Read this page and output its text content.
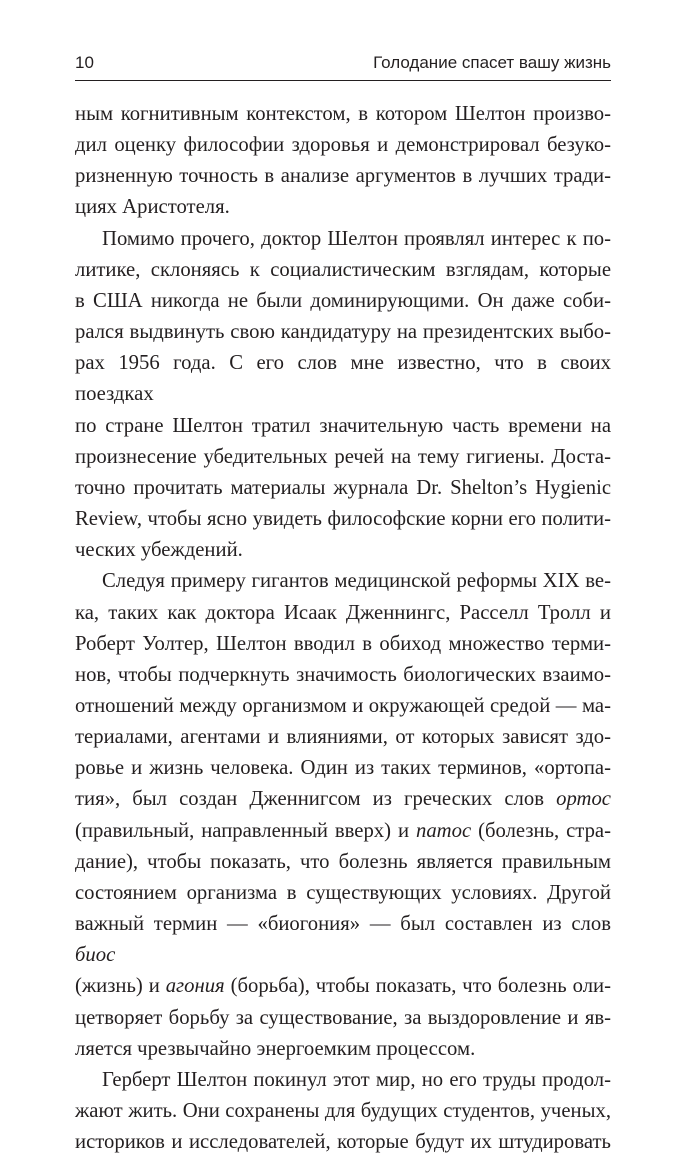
10	Голодание спасет вашу жизнь

ным когнитивным контекстом, в котором Шелтон произво-
дил оценку философии здоровья и демонстрировал безуко-
ризненную точность в анализе аргументов в лучших тради-
циях Аристотеля.

Помимо прочего, доктор Шелтон проявлял интерес к по-
литике, склоняясь к социалистическим взглядам, которые
в США никогда не были доминирующими. Он даже соби-
рался выдвинуть свою кандидатуру на президентских выбо-
рах 1956 года. С его слов мне известно, что в своих поездках
по стране Шелтон тратил значительную часть времени на
произнесение убедительных речей на тему гигиены. Доста-
точно прочитать материалы журнала Dr. Shelton’s Hygienic
Review, чтобы ясно увидеть философские корни его полити-
ческих убеждений.

Следуя примеру гигантов медицинской реформы XIX ве-
ка, таких как доктора Исаак Дженнингс, Расселл Тролл и
Роберт Уолтер, Шелтон вводил в обиход множество терми-
нов, чтобы подчеркнуть значимость биологических взаимо-
отношений между организмом и окружающей средой — ма-
териалами, агентами и влияниями, от которых зависят здо-
ровье и жизнь человека. Один из таких терминов, «ортопа-
тия», был создан Дженнигсом из греческих слов ортос
(правильный, направленный вверх) и патос (болезнь, стра-
дание), чтобы показать, что болезнь является правильным
состоянием организма в существующих условиях. Другой
важный термин — «биогония» — был составлен из слов биос
(жизнь) и агония (борьба), чтобы показать, что болезнь оли-
цетворяет борьбу за существование, за выздоровление и яв-
ляется чрезвычайно энергоемким процессом.

Герберт Шелтон покинул этот мир, но его труды продол-
жают жить. Они сохранены для будущих студентов, ученых,
историков и исследователей, которые будут их штудировать
